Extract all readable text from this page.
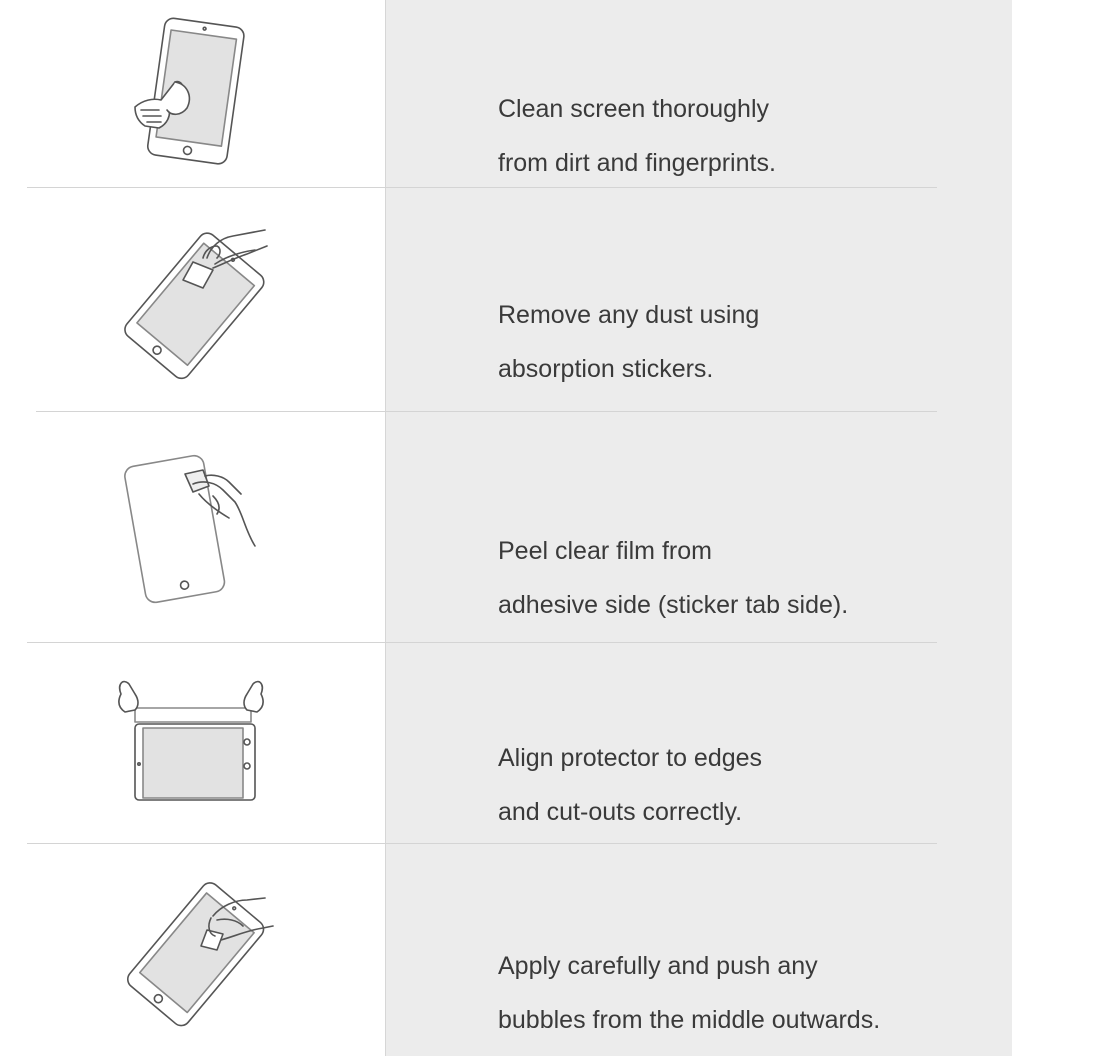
Clean screen thoroughly

from dirt and fingerprints.

Remove any dust using

absorption stickers.

Peel clear film from

adhesive side (sticker tab side).

Align protector to edges

and cut-outs correctly.

Apply carefully and push any

bubbles from the middle outwards.
